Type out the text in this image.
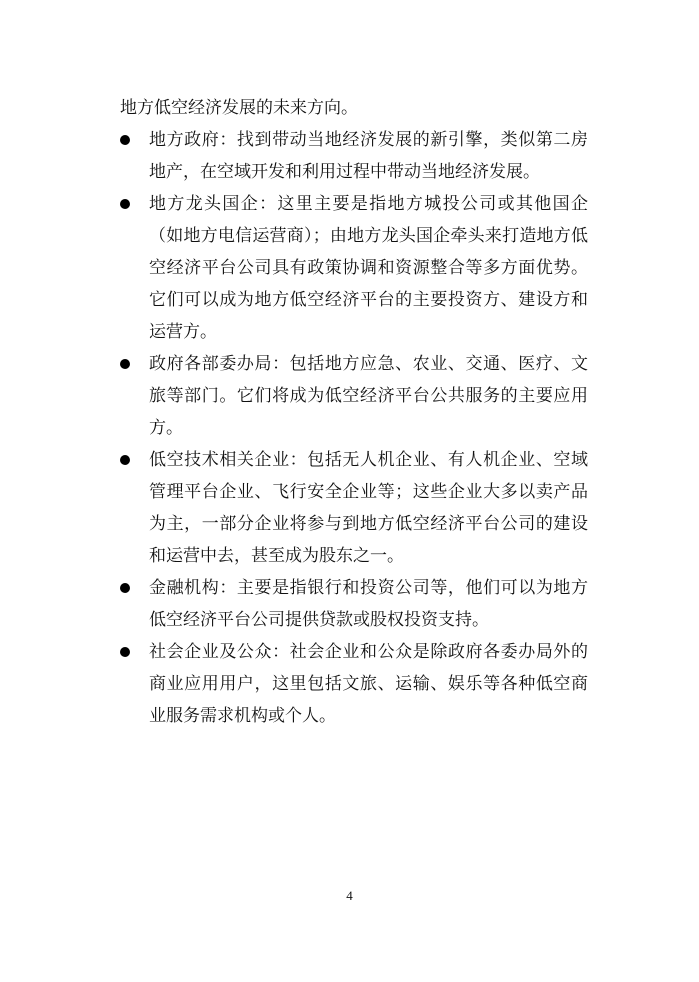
地方低空经济发展的未来方向。

地方政府：找到带动当地经济发展的新引擎，类似第二房地产，在空域开发和利用过程中带动当地经济发展。
地方龙头国企：这里主要是指地方城投公司或其他国企（如地方电信运营商）；由地方龙头国企牵头来打造地方低空经济平台公司具有政策协调和资源整合等多方面优势。它们可以成为地方低空经济平台的主要投资方、建设方和运营方。
政府各部委办局：包括地方应急、农业、交通、医疗、文旅等部门。它们将成为低空经济平台公共服务的主要应用方。
低空技术相关企业：包括无人机企业、有人机企业、空域管理平台企业、飞行安全企业等；这些企业大多以卖产品为主，一部分企业将参与到地方低空经济平台公司的建设和运营中去，甚至成为股东之一。
金融机构：主要是指银行和投资公司等，他们可以为地方低空经济平台公司提供贷款或股权投资支持。
社会企业及公众：社会企业和公众是除政府各委办局外的商业应用用户，这里包括文旅、运输、娱乐等各种低空商业服务需求机构或个人。
4
